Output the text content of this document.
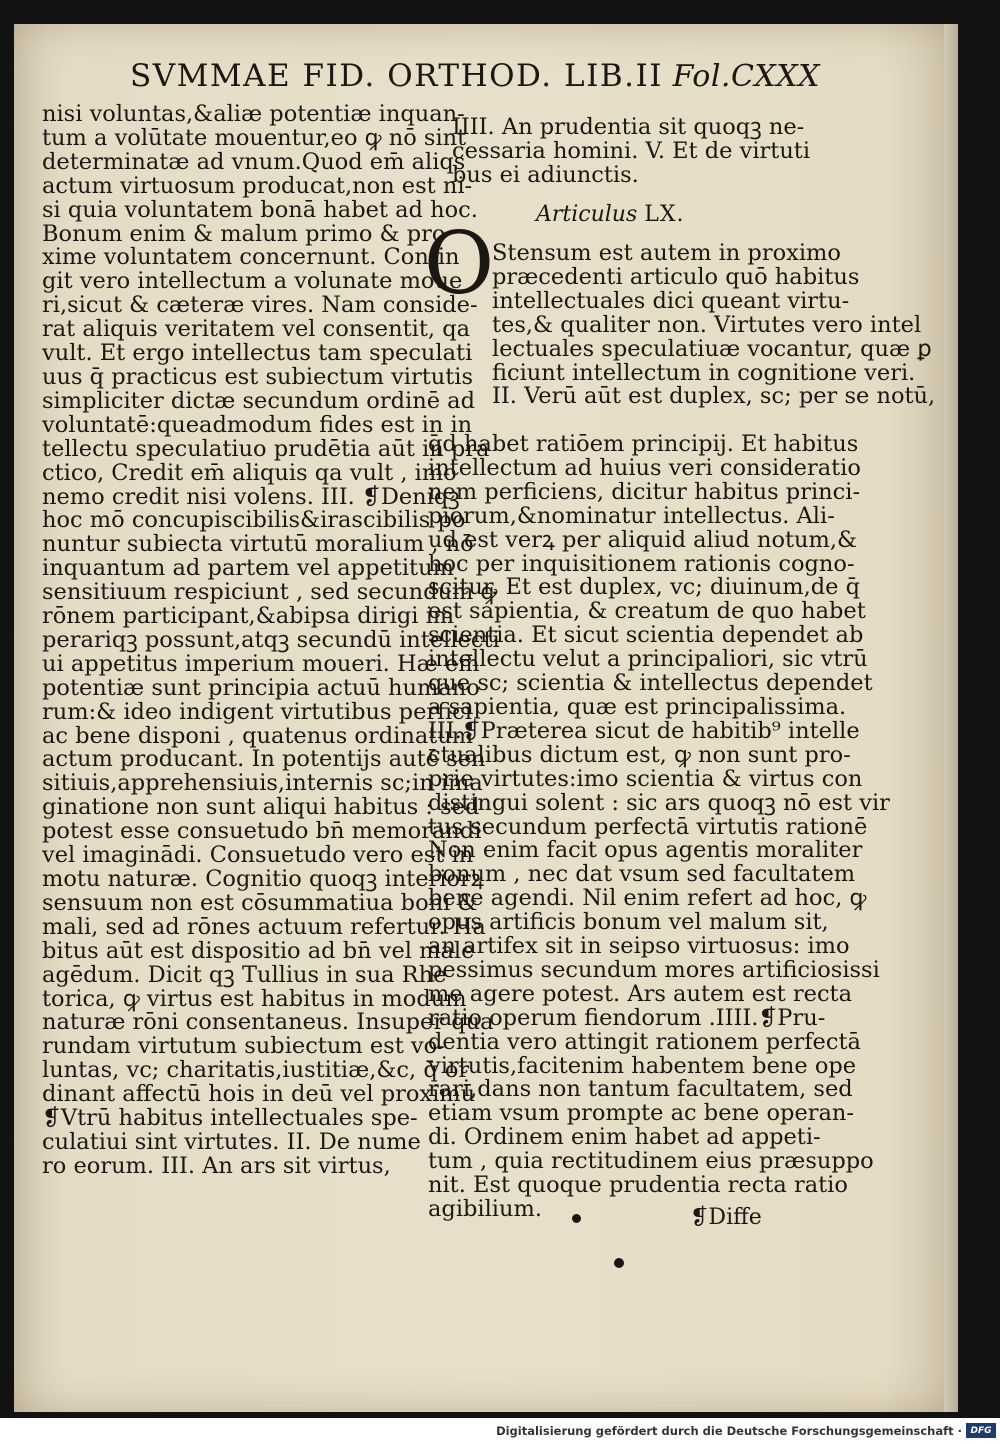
SVMMAE FID. ORTHOD. LIB.II Fol.CXXX
nisi voluntas,&aliæ potentiæ inquan-
tum a volūtate mouentur,eo ꝙ nō sint
determinatæ ad vnum.Quod em̄ aliqs
actum virtuosum producat,non est ni-
si quia voluntatem bonā habet ad hoc.
Bonum enim & malum primo & pro
xime voluntatem concernunt. Contin
git vero intellectum a volunate moue
ri,sicut & cæteræ vires. Nam conside-
rat aliquis veritatem vel consentit, qa
vult. Et ergo intellectus tam speculati
uus q̄ practicus est subiectum virtutis
simpliciter dictæ secundum ordinē ad
voluntatē:queadmodum fides est in in
tellectu speculatiuo prudētia aūt in pra
ctico, Credit em̄ aliquis qa vult , imo
nemo credit nisi volens. III. ❡Deniqꝫ
hoc mō concupiscibilis&irascibilis po
nuntur subiecta virtutū moralium , nō
inquantum ad partem vel appetitum
sensitiuum respiciunt , sed secundum ꝙ
rōnem participant,&abipsa dirigi im
perariqꝫ possunt,atqꝫ secundū intellecti
ui appetitus imperium moueri. Hæ em̄
potentiæ sunt principia actuū humano
rum:& ideo indigent virtutibus perfici
ac bene disponi , quatenus ordinatum
actum producant. In potentijs autē sen
sitiuis,apprehensiuis,internis sc;in ima
ginatione non sunt aliqui habitus : sed
potest esse consuetudo bn̄ memorandi
vel imaginādi. Consuetudo vero est in
motu naturæ. Cognitio quoqꝫ interiorꝝ
sensuum non est cōsummatiua boni &
mali, sed ad rōnes actuum refertur. Ha
bitus aūt est dispositio ad bn̄ vel male
agēdum. Dicit qꝫ Tullius in sua Rhe
torica, ꝙ virtus est habitus in modum
naturæ rōni consentaneus. Insuper qua
rundam virtutum subiectum est vo-
luntas, vc; charitatis,iustitiæ,&c, q̄ or
dinant affectū hois in deū vel proximū
❡Vtrū habitus intellectuales spe-
culatiui sint virtutes. II. De nume
ro eorum. III. An ars sit virtus,
IIII. An prudentia sit quoqꝫ ne-
cessaria homini. V. Et de virtuti
bus ei adiunctis.
Articulus LX.
O
Stensum est autem in proximo
præcedenti articulo quō habitus
intellectuales dici queant virtu-
tes,& qualiter non. Virtutes vero intel
lectuales speculatiuæ vocantur, quæ ꝑ
ficiunt intellectum in cognitione veri.
II. Verū aūt est duplex, sc; per se notū,
q̄d habet ratiōem principij. Et habitus
intellectum ad huius veri consideratio
nem perficiens, dicitur habitus princi-
piorum,&nominatur intellectus. Ali-
ud est verꝝ per aliquid aliud notum,&
hoc per inquisitionem rationis cogno-
scitur. Et est duplex, vc; diuinum,de q̄
est sapientia, & creatum de quo habet
scientia. Et sicut scientia dependet ab
intellectu velut a principaliori, sic vtrū
que sc; scientia & intellectus dependet
a sapientia, quæ est principalissima.
III.❡Præterea sicut de habitib⁹ intelle
ctualibus dictum est, ꝙ non sunt pro-
prie virtutes:imo scientia & virtus con
distingui solent : sic ars quoqꝫ nō est vir
tus secundum perfectā virtutis rationē
Non enim facit opus agentis moraliter
bonum , nec dat vsum sed facultatem
bene agendi. Nil enim refert ad hoc, ꝙ
opus artificis bonum vel malum sit,
an artifex sit in seipso virtuosus: imo
pessimus secundum mores artificiosissi
me agere potest. Ars autem est recta
ratio operum fiendorum .IIII.❡Pru-
dentia vero attingit rationem perfectā
virtutis,facitenim habentem bene ope
rari,dans non tantum facultatem, sed
etiam vsum prompte ac bene operan-
di. Ordinem enim habet ad appeti-
tum , quia rectitudinem eius præsuppo
nit. Est quoque prudentia recta ratio
agibilium.	❡Diffe
Digitalisierung gefördert durch die Deutsche Forschungsgemeinschaft · DFG
